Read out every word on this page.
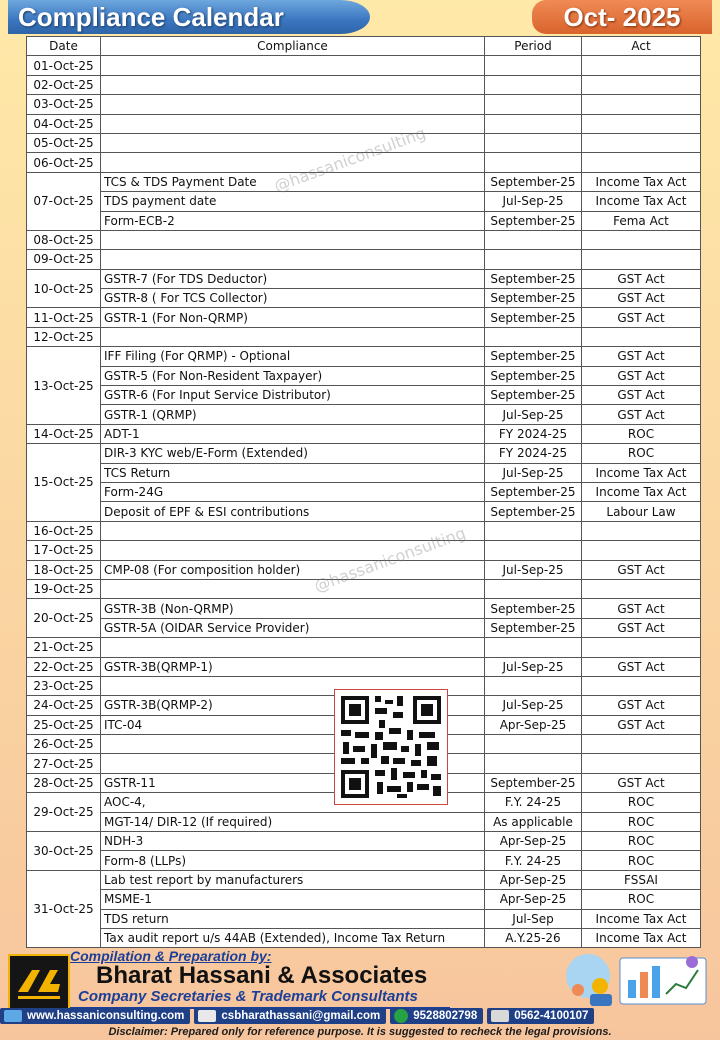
Compliance Calendar	Oct- 2025
Date	Compliance	Period	Act
01-Oct-25			
02-Oct-25			
03-Oct-25			
04-Oct-25			
05-Oct-25			
06-Oct-25			
07-Oct-25	TCS & TDS Payment Date	September-25	Income Tax Act
	TDS payment date	Jul-Sep-25	Income Tax Act
	Form-ECB-2	September-25	Fema Act
08-Oct-25			
09-Oct-25			
10-Oct-25	GSTR-7 (For TDS Deductor)	September-25	GST Act
	GSTR-8 ( For TCS Collector)	September-25	GST Act
11-Oct-25	GSTR-1 (For Non-QRMP)	September-25	GST Act
12-Oct-25			
13-Oct-25	IFF Filing (For QRMP) - Optional	September-25	GST Act
	GSTR-5 (For Non-Resident Taxpayer)	September-25	GST Act
	GSTR-6 (For Input Service Distributor)	September-25	GST Act
	GSTR-1 (QRMP)	Jul-Sep-25	GST Act
14-Oct-25	ADT-1	FY 2024-25	ROC
15-Oct-25	DIR-3 KYC web/E-Form (Extended)	FY 2024-25	ROC
	TCS Return	Jul-Sep-25	Income Tax Act
	Form-24G	September-25	Income Tax Act
	Deposit of EPF & ESI contributions	September-25	Labour Law
16-Oct-25			
17-Oct-25			
18-Oct-25	CMP-08 (For composition holder)	Jul-Sep-25	GST Act
19-Oct-25			
20-Oct-25	GSTR-3B (Non-QRMP)	September-25	GST Act
	GSTR-5A (OIDAR Service Provider)	September-25	GST Act
21-Oct-25			
22-Oct-25	GSTR-3B(QRMP-1)	Jul-Sep-25	GST Act
23-Oct-25			
24-Oct-25	GSTR-3B(QRMP-2)	Jul-Sep-25	GST Act
25-Oct-25	ITC-04	Apr-Sep-25	GST Act
26-Oct-25			
27-Oct-25			
28-Oct-25	GSTR-11	September-25	GST Act
29-Oct-25	AOC-4,	F.Y. 24-25	ROC
	MGT-14/ DIR-12 (If required)	As applicable	ROC
30-Oct-25	NDH-3	Apr-Sep-25	ROC
	Form-8 (LLPs)	F.Y. 24-25	ROC
31-Oct-25	Lab test report by manufacturers	Apr-Sep-25	FSSAI
	MSME-1	Apr-Sep-25	ROC
	TDS return	Jul-Sep	Income Tax Act
	Tax audit report u/s 44AB (Extended), Income Tax Return	A.Y.25-26	Income Tax Act
@hassaniconsulting
@hassaniconsulting
Compilation & Preparation by:
Bharat Hassani & Associates
Company Secretaries & Trademark Consultants
www.hassaniconsulting.com	csbharathassani@gmail.com	9528802798	0562-4100107
Disclaimer: Prepared only for reference purpose. It is suggested to recheck the legal provisions.
